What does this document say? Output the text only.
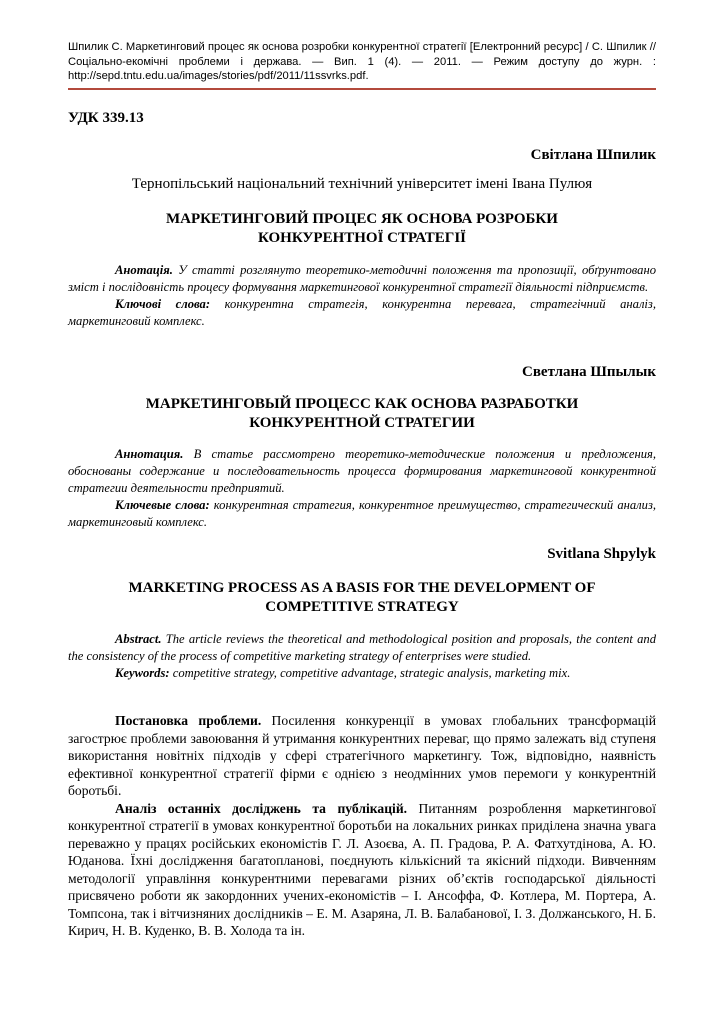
Шпилик С. Маркетинговий процес як основа розробки конкурентної стратегії [Електронний ресурс] / С. Шпилик // Соціально-екомічні проблеми і держава. — Вип. 1 (4). — 2011. — Режим доступу до журн. : http://sepd.tntu.edu.ua/images/stories/pdf/2011/11ssvrks.pdf.
УДК 339.13
Світлана Шпилик
Тернопільський національний технічний університет імені Івана Пулюя
МАРКЕТИНГОВИЙ ПРОЦЕС ЯК ОСНОВА РОЗРОБКИ
КОНКУРЕНТНОЇ СТРАТЕГІЇ

Анотація. У статті розглянуто теоретико-методичні положення та пропозиції, обґрунтовано зміст і послідовність процесу формування маркетингової конкурентної стратегії діяльності підприємств.

Ключові слова: конкурентна стратегія, конкурентна перевага, стратегічний аналіз, маркетинговий комплекс.

Светлана Шпылык
МАРКЕТИНГОВЫЙ ПРОЦЕСС КАК ОСНОВА РАЗРАБОТКИ
КОНКУРЕНТНОЙ СТРАТЕГИИ

Аннотация. В статье рассмотрено теоретико-методические положения и предложения, обоснованы содержание и последовательность процесса формирования маркетинговой конкурентной стратегии деятельности предприятий.

Ключевые слова: конкурентная стратегия, конкурентное преимущество, стратегический анализ, маркетинговый комплекс.

Svitlana Shpylyk
MARKETING PROCESS AS A BASIS FOR THE DEVELOPMENT OF
COMPETITIVE STRATEGY

Abstract. The article reviews the theoretical and methodological position and proposals, the content and the consistency of the process of competitive marketing strategy of enterprises were studied.

Keywords: competitive strategy, competitive advantage, strategic analysis, marketing mix.

Постановка проблеми. Посилення конкуренції в умовах глобальних трансформацій загострює проблеми завоювання й утримання конкурентних переваг, що прямо залежать від ступеня використання новітніх підходів у сфері стратегічного маркетингу. Тож, відповідно, наявність ефективної конкурентної стратегії фірми є однією з неодмінних умов перемоги у конкурентній боротьбі.

Аналіз останніх досліджень та публікацій. Питанням розроблення маркетингової конкурентної стратегії в умовах конкурентної боротьби на локальних ринках приділена значна увага переважно у працях російських економістів Г. Л. Азоєва, А. П. Градова, Р. А. Фатхутдінова, А. Ю. Юданова. Їхні дослідження багатопланові, поєднують кількісний та якісний підходи. Вивченням методології управління конкурентними перевагами різних об’єктів господарської діяльності присвячено роботи як закордонних учених-економістів – І. Ансоффа, Ф. Котлера, М. Портера, А. Томпсона, так і вітчизняних дослідників – Е. М. Азаряна, Л. В. Балабанової, І. З. Должанського, Н. Б. Кирич, Н. В. Куденко, В. В. Холода та ін.
